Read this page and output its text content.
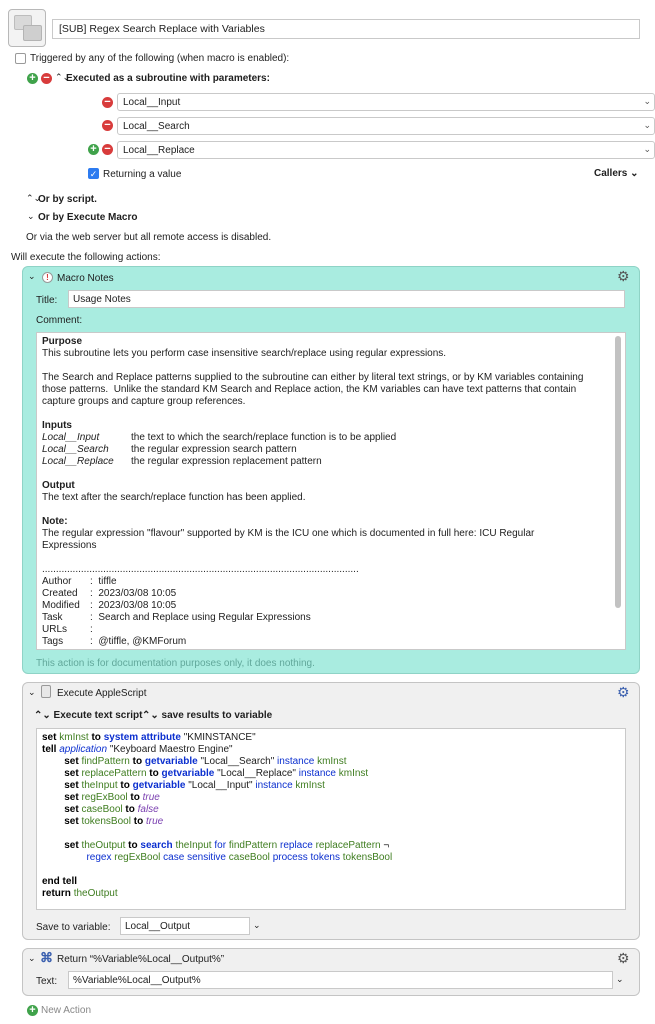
[SUB] Regex Search Replace with Variables
Triggered by any of the following (when macro is enabled):
+ − ⌃⌄
Executed as a subroutine with parameters:
−	Local__Input	⌄
−	Local__Search	⌄
+ −	Local__Replace	⌄
✓ Returning a value	Callers ⌄
⌃⌄
Or by script.
⌄ Or by Execute Macro
Or via the web server but all remote access is disabled.
Will execute the following actions:
⌄	! Macro Notes	⚙
Title:	Usage Notes
Comment:

Purpose

This subroutine lets you perform case insensitive search/replace using regular expressions.

The Search and Replace patterns supplied to the subroutine can either by literal text strings, or by KM variables containing

those patterns.  Unlike the standard KM Search and Replace action, the KM variables can have text patterns that contain

capture groups and capture group references.

Inputs

Local__Input	the text to which the search/replace function is to be applied

Local__Search the regular expression search pattern

Local__Replace the regular expression replacement pattern

Output

The text after the search/replace function has been applied.

Note:

The regular expression "flavour" supported by KM is the ICU one which is documented in full here: ICU Regular

Expressions

..................................................................................................................

Author :  tiffle

Created :  2023/03/08 10:05

Modified :  2023/03/08 10:05

Task	:  Search and Replace using Regular Expressions

URLs :

Tags	:  @tiffle, @KMForum

This action is for documentation purposes only, it does nothing.
⌄ Execute AppleScript	⚙
⌃⌄ Execute text script ⌃⌄ save results to variable
set kmInst to system attribute "KMINSTANCE"
tell application "Keyboard Maestro Engine"
set findPattern to getvariable "Local__Search" instance kmInst
set replacePattern to getvariable "Local__Replace" instance kmInst
set theInput to getvariable "Local__Input" instance kmInst
set regExBool to true
set caseBool to false
set tokensBool to true

set theOutput to search theInput for findPattern replace replacePattern ¬
regex regExBool case sensitive caseBool process tokens tokensBool

end tell
return theOutput
Save to variable:	Local__Output	⌄
⌄ ⌘ Return “%Variable%Local__Output%”	⚙
Text:	%Variable%Local__Output%	⌄
+ New Action
